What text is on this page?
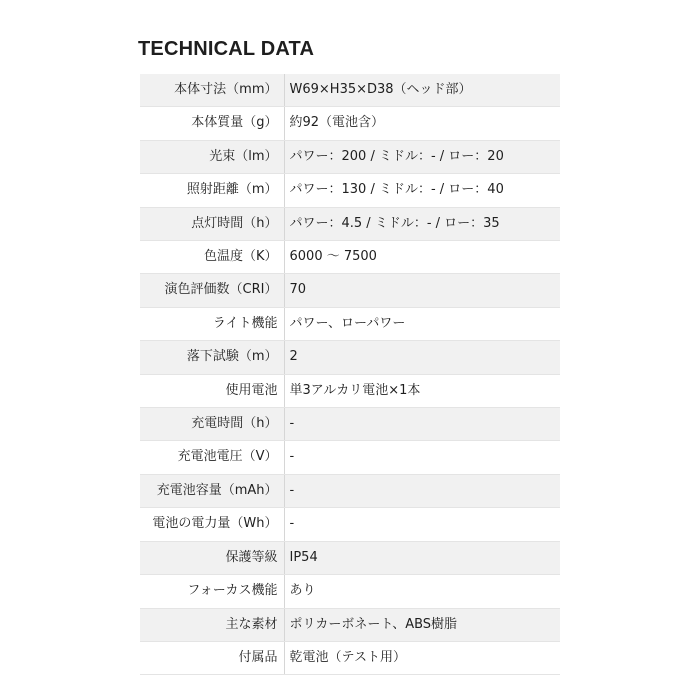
TECHNICAL DATA
本体寸法（mm）	W69×H35×D38（ヘッド部）
本体質量（g）	約92（電池含）
光束（lm）	パワー：200 / ミドル：- / ロー：20
照射距離（m）	パワー：130 / ミドル：- / ロー：40
点灯時間（h）	パワー：4.5 / ミドル：- / ロー：35
色温度（K）	6000 〜 7500
演色評価数（CRI）	70
ライト機能	パワー、ローパワー
落下試験（m）	2
使用電池	単3アルカリ電池×1本
充電時間（h）	-
充電池電圧（V）	-
充電池容量（mAh）	-
電池の電力量（Wh）	-
保護等級	IP54
フォーカス機能	あり
主な素材	ポリカーボネート、ABS樹脂
付属品	乾電池（テスト用）
